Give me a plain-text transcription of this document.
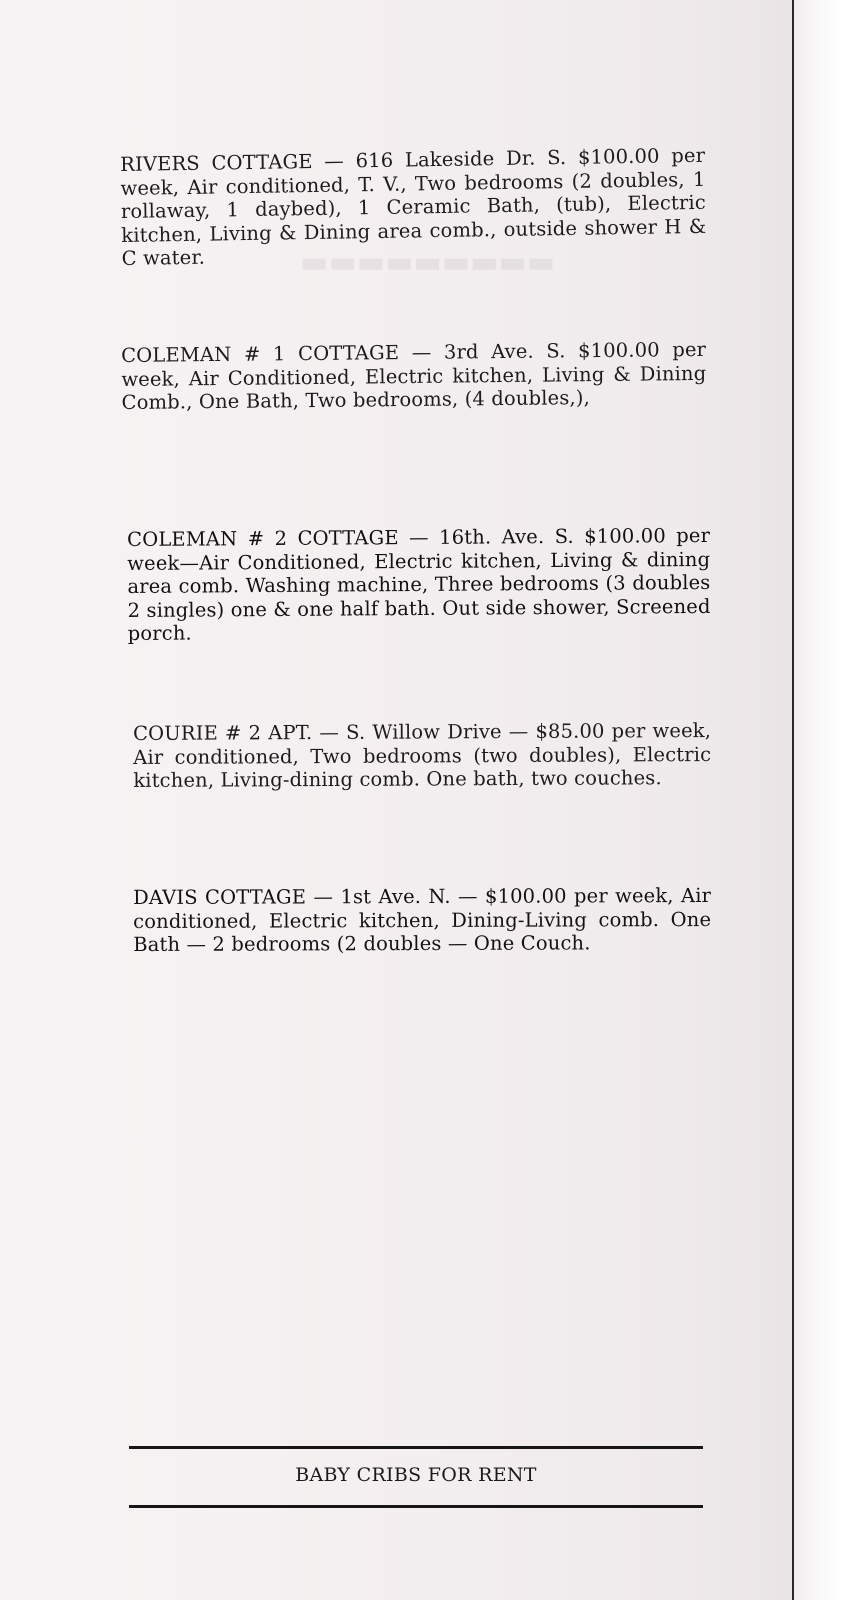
▬▬▬▬▬▬▬▬▬

RIVERS COTTAGE — 616 Lakeside Dr. S. $100.00 per week, Air conditioned, T. V., Two bedrooms (2 doubles, 1 rollaway, 1 daybed), 1 Ceramic Bath, (tub), Electric kitchen, Living & Dining area comb., outside shower H & C water.

COLEMAN # 1 COTTAGE — 3rd Ave. S. $100.00 per week, Air Conditioned, Electric kitchen, Living & Dining Comb., One Bath, Two bedrooms, (4 doubles,),

COLEMAN # 2 COTTAGE — 16th. Ave. S. $100.00 per week—Air Conditioned, Electric kitchen, Living & dining area comb. Washing machine, Three bedrooms (3 doubles 2 singles) one & one half bath. Out side shower, Screened porch.

COURIE # 2 APT. — S. Willow Drive — $85.00 per week, Air conditioned, Two bedrooms (two doubles), Electric kitchen, Living-dining comb. One bath, two couches.

DAVIS COTTAGE — 1st Ave. N. — $100.00 per week, Air conditioned, Electric kitchen, Dining-Living comb. One Bath — 2 bedrooms (2 doubles — One Couch.

BABY CRIBS FOR RENT
